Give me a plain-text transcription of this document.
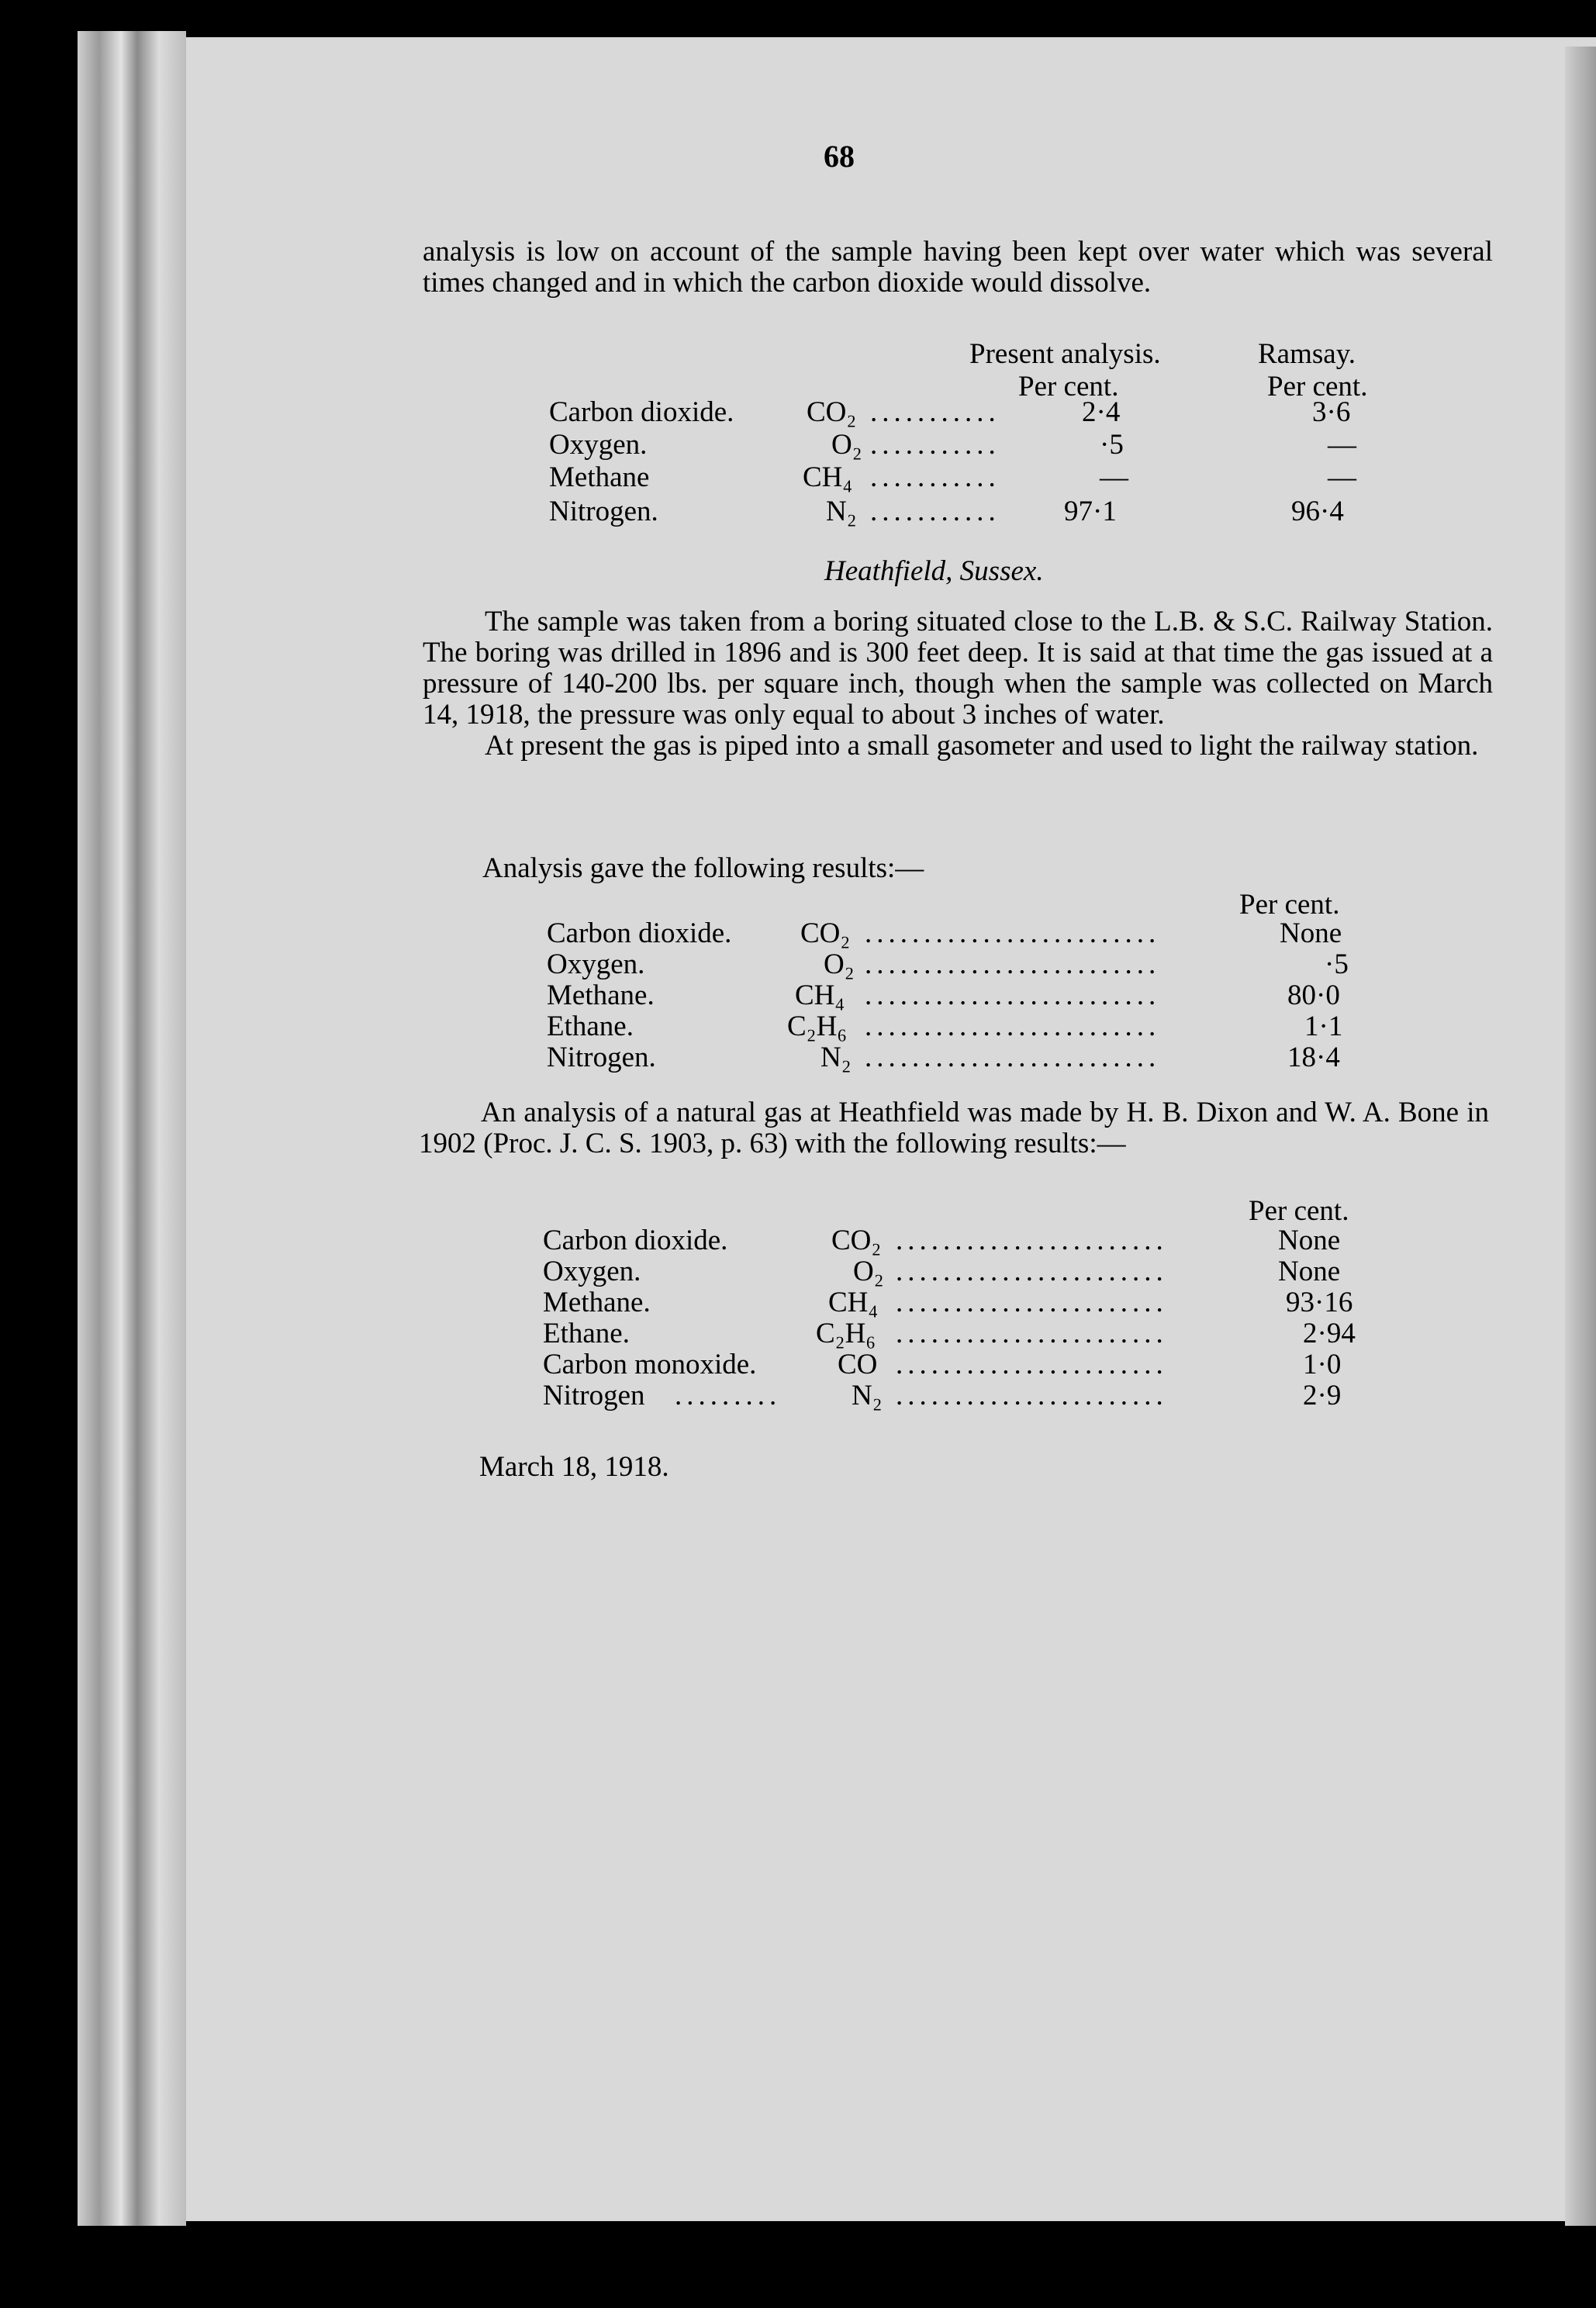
68

analysis is low on account of the sample having been kept over water which was several times changed and in which the carbon dioxide would dissolve.

Present analysis.	Ramsay.
Per cent.	Per cent.
Carbon dioxide.	CO₂ ...........	2·4	3·6
Oxygen.	O₂ ...........	·5	—
Methane	CH₄ ...........	—	—
Nitrogen.	N₂ ........... 97·1	96·4
Heathfield, Sussex.

The sample was taken from a boring situated close to the L.B. & S.C. Railway Station. The boring was drilled in 1896 and is 300 feet deep. It is said at that time the gas issued at a pressure of 140-200 lbs. per square inch, though when the sample was collected on March 14, 1918, the pressure was only equal to about 3 inches of water.

At present the gas is piped into a small gasometer and used to light the railway station.

Analysis gave the following results:—
Per cent.
Carbon dioxide. CO₂ .........................	None
Oxygen.	O₂ .........................	·5
Methane.	CH₄ .........................	80·0
Ethane.	C₂H₆ .........................	1·1
Nitrogen.	N₂ .........................	18·4

An analysis of a natural gas at Heathfield was made by H. B. Dixon and W. A. Bone in 1902 (Proc. J. C. S. 1903, p. 63) with the following results:—

Per cent.
Carbon dioxide.	CO₂ .......................	None
Oxygen.	O₂ .......................	None
Methane.	CH₄ .......................	93·16
Ethane.	C₂H₆ .......................	2·94
Carbon monoxide.	CO .......................	1·0
Nitrogen ......... N₂ .......................	2·9
March 18, 1918.
